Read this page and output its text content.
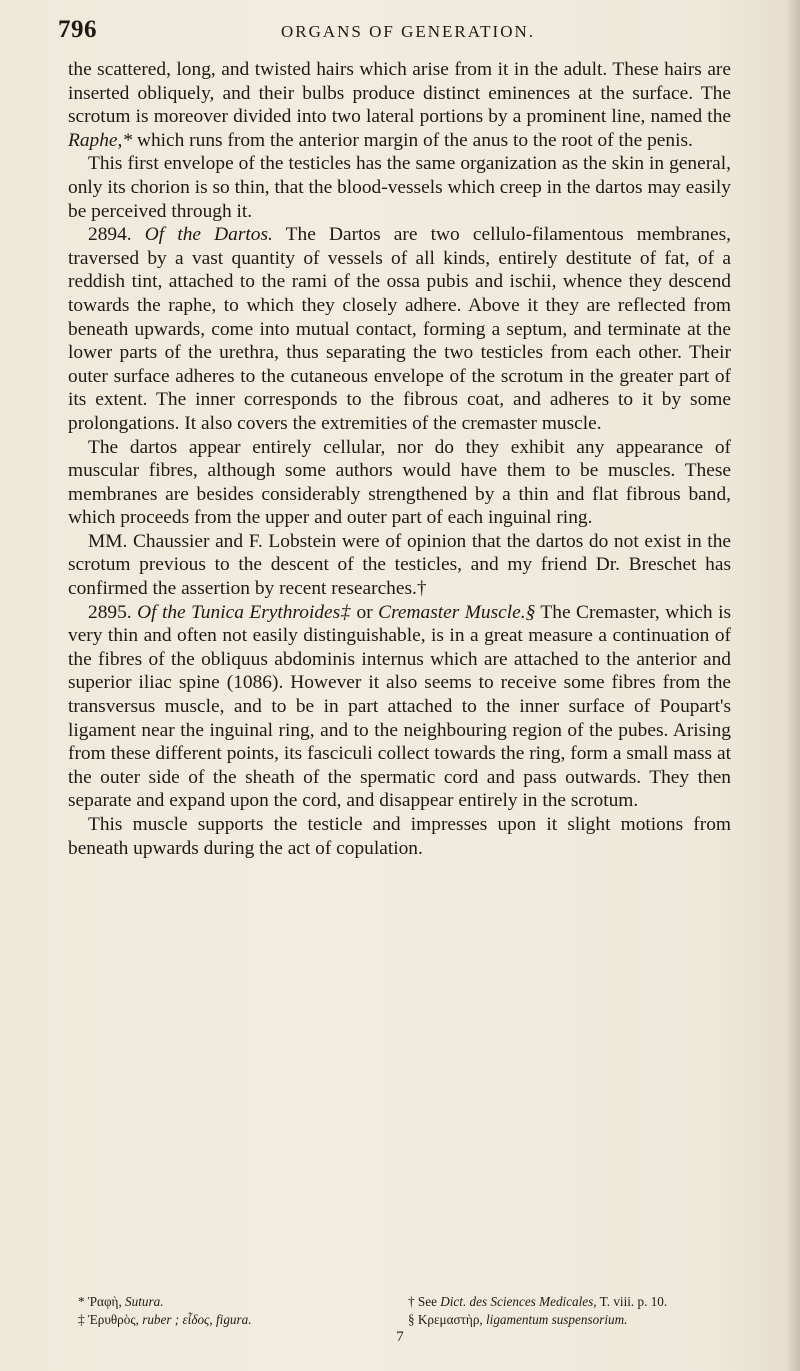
796	ORGANS OF GENERATION.

the scattered, long, and twisted hairs which arise from it in the adult. These hairs are inserted obliquely, and their bulbs produce distinct eminences at the surface. The scrotum is moreover divided into two lateral portions by a prominent line, named the Raphe,* which runs from the anterior margin of the anus to the root of the penis.

This first envelope of the testicles has the same organization as the skin in general, only its chorion is so thin, that the blood-vessels which creep in the dartos may easily be perceived through it.

2894. Of the Dartos. The Dartos are two cellulo-filamentous membranes, traversed by a vast quantity of vessels of all kinds, entirely destitute of fat, of a reddish tint, attached to the rami of the ossa pubis and ischii, whence they descend towards the raphe, to which they closely adhere. Above it they are reflected from beneath upwards, come into mutual contact, forming a septum, and terminate at the lower parts of the urethra, thus separating the two testicles from each other. Their outer surface adheres to the cutaneous envelope of the scrotum in the greater part of its extent. The inner corresponds to the fibrous coat, and adheres to it by some prolongations. It also covers the extremities of the cremaster muscle.

The dartos appear entirely cellular, nor do they exhibit any appearance of muscular fibres, although some authors would have them to be muscles. These membranes are besides considerably strengthened by a thin and flat fibrous band, which proceeds from the upper and outer part of each inguinal ring.

MM. Chaussier and F. Lobstein were of opinion that the dartos do not exist in the scrotum previous to the descent of the testicles, and my friend Dr. Breschet has confirmed the assertion by recent researches.†

2895. Of the Tunica Erythroides‡ or Cremaster Muscle.§ The Cremaster, which is very thin and often not easily distinguishable, is in a great measure a continuation of the fibres of the obliquus abdominis internus which are attached to the anterior and superior iliac spine (1086). However it also seems to receive some fibres from the transversus muscle, and to be in part attached to the inner surface of Poupart's ligament near the inguinal ring, and to the neighbouring region of the pubes. Arising from these different points, its fasciculi collect towards the ring, form a small mass at the outer side of the sheath of the spermatic cord and pass outwards. They then separate and expand upon the cord, and disappear entirely in the scrotum.

This muscle supports the testicle and impresses upon it slight motions from beneath upwards during the act of copulation.

* Ῥαφὴ, Sutura.	† See Dict. des Sciences Medicales, T. viii. p. 10.
‡ Ἐρυθρὸς, ruber ; εἶδος, figura.	§ Κρεμαστὴρ, ligamentum suspensorium.
7
